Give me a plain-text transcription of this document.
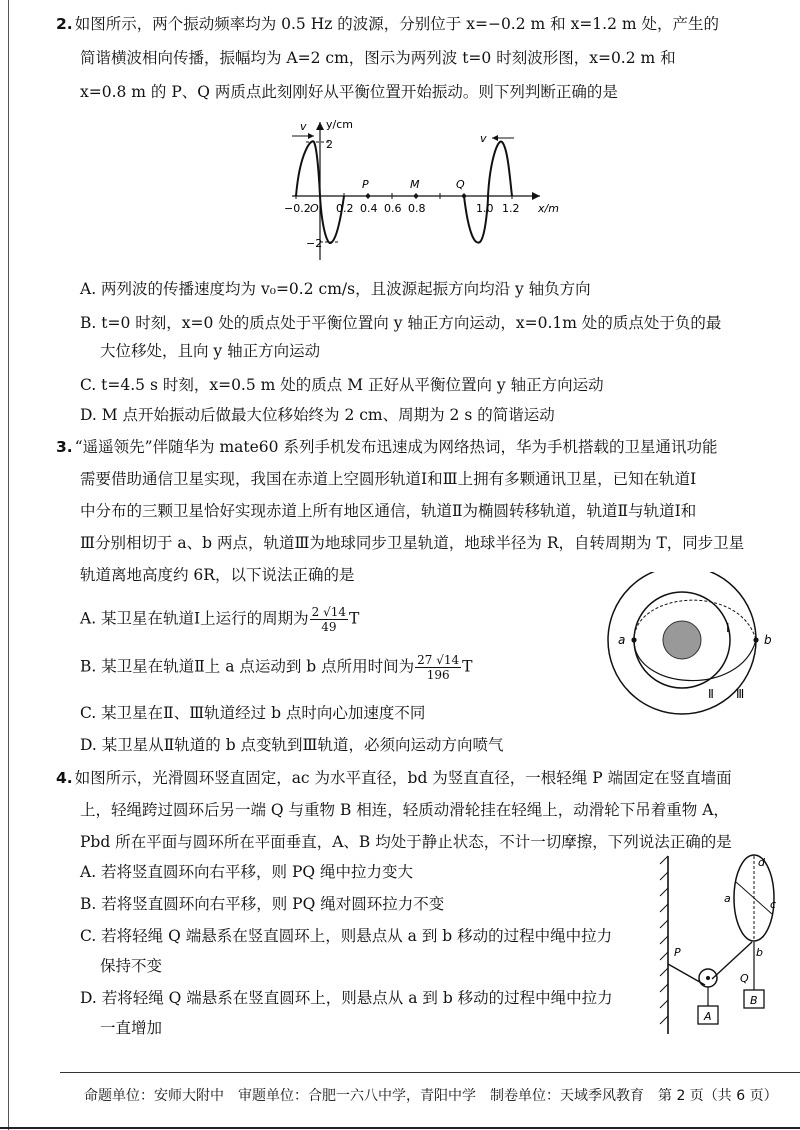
2. 如图所示，两个振动频率均为 0.5 Hz 的波源，分别位于 x=−0.2 m 和 x=1.2 m 处，产生的
简谐横波相向传播，振幅均为 A=2 cm，图示为两列波 t=0 时刻波形图，x=0.2 m 和
x=0.8 m 的 P、Q 两质点此刻刚好从平衡位置开始振动。则下列判断正确的是
P	M	Q
−0.2 O 0.2 0.4 0.6 0.8	1.0 1.2 x/m
y/cm
2
−2
v
v
A. 两列波的传播速度均为 v₀=0.2 cm/s，且波源起振方向均沿 y 轴负方向
B. t=0 时刻，x=0 处的质点处于平衡位置向 y 轴正方向运动，x=0.1m 处的质点处于负的最
大位移处，且向 y 轴正方向运动
C. t=4.5 s 时刻，x=0.5 m 处的质点 M 正好从平衡位置向 y 轴正方向运动
D. M 点开始振动后做最大位移始终为 2 cm、周期为 2 s 的简谐运动
3. “遥遥领先”伴随华为 mate60 系列手机发布迅速成为网络热词，华为手机搭载的卫星通讯功能
需要借助通信卫星实现，我国在赤道上空圆形轨道Ⅰ和Ⅲ上拥有多颗通讯卫星，已知在轨道Ⅰ
中分布的三颗卫星恰好实现赤道上所有地区通信，轨道Ⅱ为椭圆转移轨道，轨道Ⅱ与轨道Ⅰ和
Ⅲ分别相切于 a、b 两点，轨道Ⅲ为地球同步卫星轨道，地球半径为 R，自转周期为 T，同步卫星
轨道离地高度约 6R，以下说法正确的是
A. 某卫星在轨道Ⅰ上运行的周期为 $\frac{2 √14}{49}$ T
B. 某卫星在轨道Ⅱ上 a 点运动到 b 点所用时间为 $\frac{27 √14}{196}$ T
C. 某卫星在Ⅱ、Ⅲ轨道经过 b 点时向心加速度不同
D. 某卫星从Ⅱ轨道的 b 点变轨到Ⅲ轨道，必须向运动方向喷气
a	b
Ⅰ
Ⅱ Ⅲ
4. 如图所示，光滑圆环竖直固定，ac 为水平直径，bd 为竖直直径，一根轻绳 P 端固定在竖直墙面
上，轻绳跨过圆环后另一端 Q 与重物 B 相连，轻质动滑轮挂在轻绳上，动滑轮下吊着重物 A，
Pbd 所在平面与圆环所在平面垂直，A、B 均处于静止状态，不计一切摩擦，下列说法正确的是
A. 若将竖直圆环向右平移，则 PQ 绳中拉力变大
B. 若将竖直圆环向右平移，则 PQ 绳对圆环拉力不变
C. 若将轻绳 Q 端悬系在竖直圆环上，则悬点从 a 到 b 移动的过程中绳中拉力
保持不变
D. 若将轻绳 Q 端悬系在竖直圆环上，则悬点从 a 到 b 移动的过程中绳中拉力
一直增加
d
a	c
b
A
B
P
Q
命题单位：安师大附中 审题单位：合肥一六八中学，青阳中学 制卷单位：天域季风教育 第 2 页（共 6 页）
